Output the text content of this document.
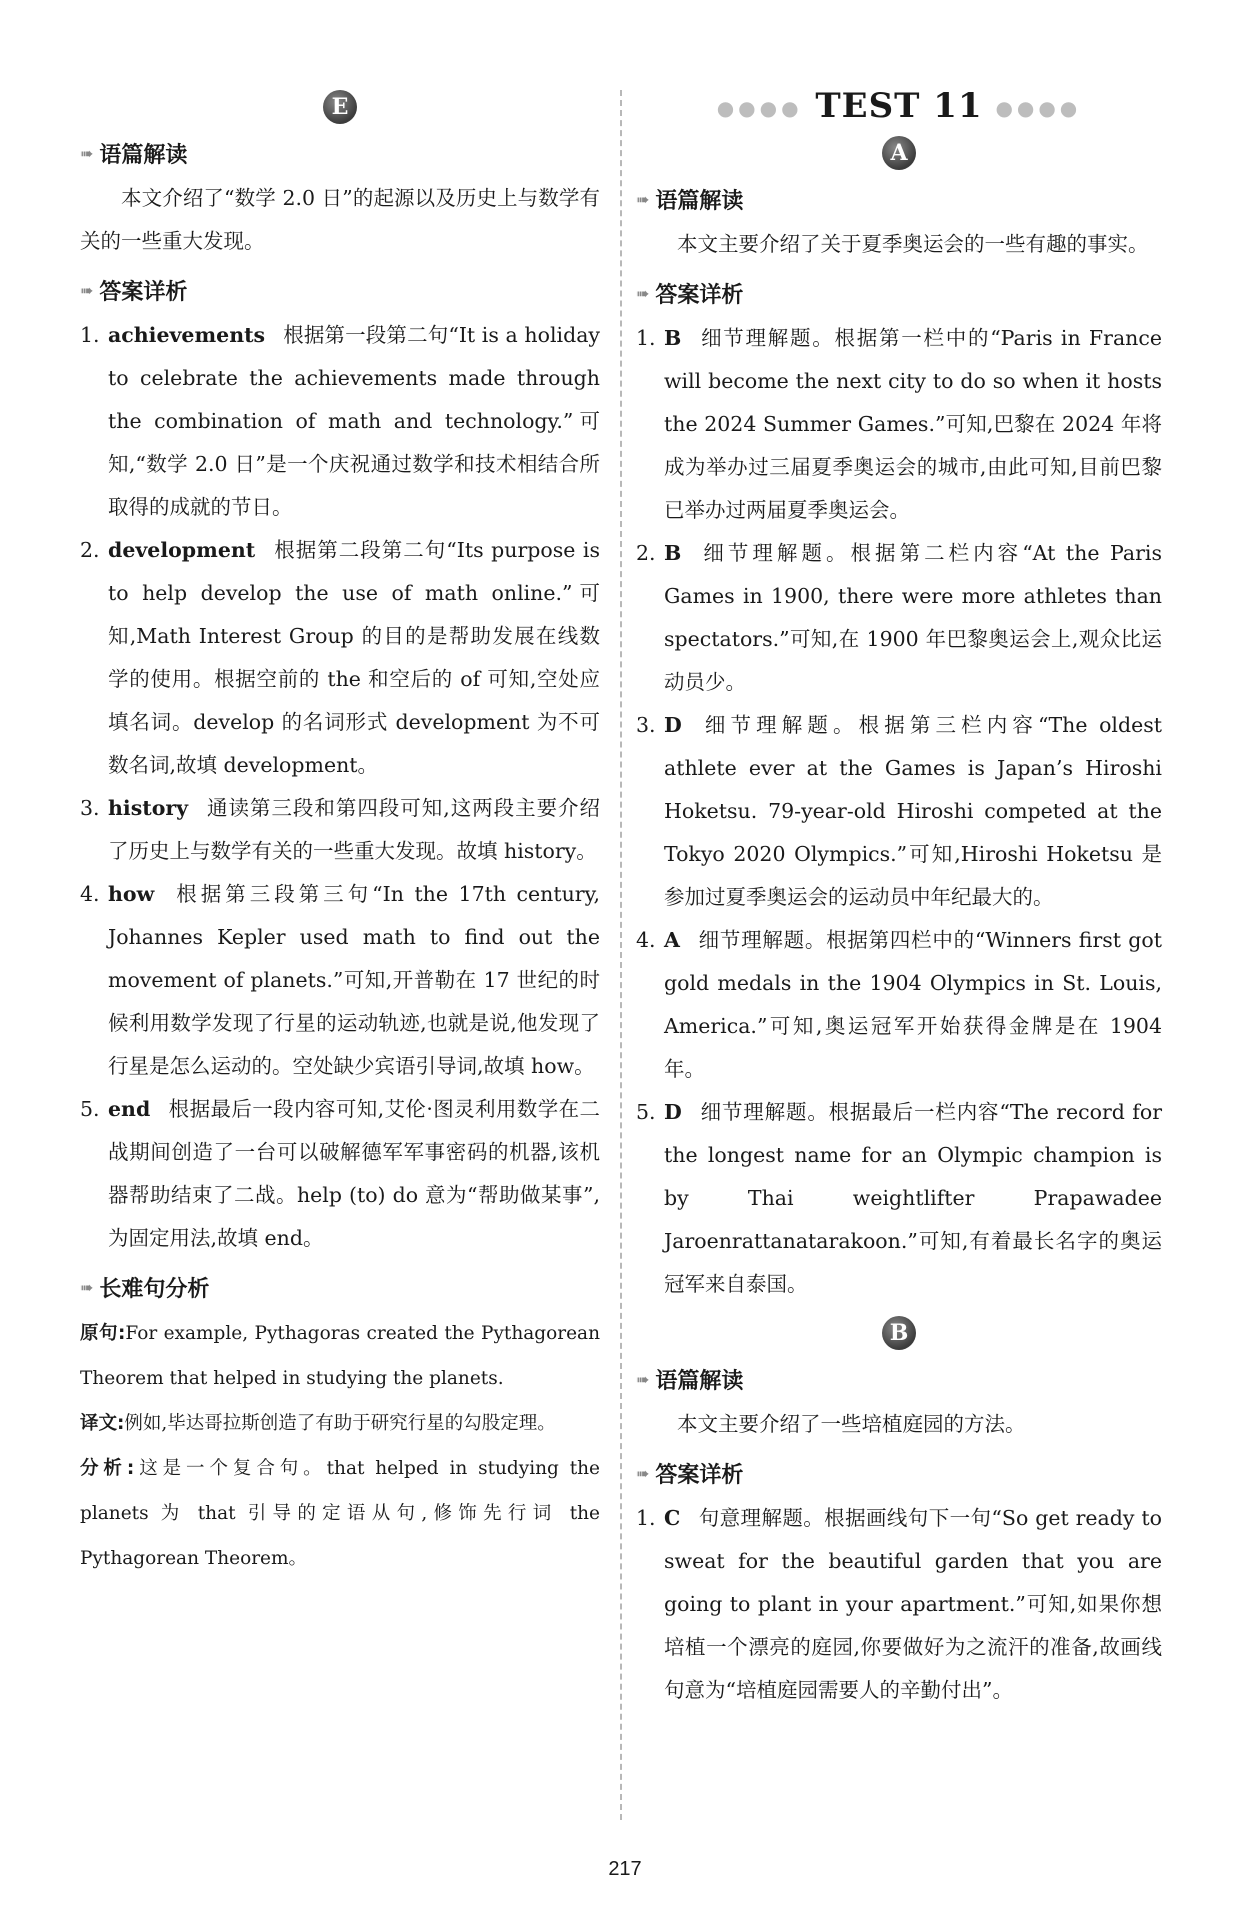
E
➠ 语篇解读

本文介绍了“数学 2.0 日”的起源以及历史上与数学有关的一些重大发现。

➠ 答案详析
1. achievements 根据第一段第二句“It is a holiday to celebrate the achievements made through the combination of math and technology.”可知,“数学 2.0 日”是一个庆祝通过数学和技术相结合所取得的成就的节日。
2. development 根据第二段第二句“Its purpose is to help develop the use of math online.”可知,Math Interest Group 的目的是帮助发展在线数学的使用。根据空前的 the 和空后的 of 可知,空处应填名词。develop 的名词形式 development 为不可数名词,故填 development。
3. history 通读第三段和第四段可知,这两段主要介绍了历史上与数学有关的一些重大发现。故填 history。
4. how 根据第三段第三句“In the 17th century, Johannes Kepler used math to find out the movement of planets.”可知,开普勒在 17 世纪的时候利用数学发现了行星的运动轨迹,也就是说,他发现了行星是怎么运动的。空处缺少宾语引导词,故填 how。
5. end 根据最后一段内容可知,艾伦·图灵利用数学在二战期间创造了一台可以破解德军军事密码的机器,该机器帮助结束了二战。help (to) do 意为“帮助做某事”,为固定用法,故填 end。
➠ 长难句分析

原句:For example, Pythagoras created the Pythagorean Theorem that helped in studying the planets.

译文:例如,毕达哥拉斯创造了有助于研究行星的勾股定理。

分析:这是一个复合句。that helped in studying the planets 为 that 引导的定语从句,修饰先行词 the Pythagorean Theorem。

●●●● TEST 11 ●●●●
A
➠ 语篇解读

本文主要介绍了关于夏季奥运会的一些有趣的事实。

➠ 答案详析
1. B 细节理解题。根据第一栏中的“Paris in France will become the next city to do so when it hosts the 2024 Summer Games.”可知,巴黎在 2024 年将成为举办过三届夏季奥运会的城市,由此可知,目前巴黎已举办过两届夏季奥运会。
2. B 细节理解题。根据第二栏内容“At the Paris Games in 1900, there were more athletes than spectators.”可知,在 1900 年巴黎奥运会上,观众比运动员少。
3. D 细节理解题。根据第三栏内容“The oldest athlete ever at the Games is Japan’s Hiroshi Hoketsu. 79-year-old Hiroshi competed at the Tokyo 2020 Olympics.”可知,Hiroshi Hoketsu 是参加过夏季奥运会的运动员中年纪最大的。
4. A 细节理解题。根据第四栏中的“Winners first got gold medals in the 1904 Olympics in St. Louis, America.”可知,奥运冠军开始获得金牌是在 1904 年。
5. D 细节理解题。根据最后一栏内容“The record for the longest name for an Olympic champion is by Thai weightlifter Prapawadee Jaroenrattanatarakoon.”可知,有着最长名字的奥运冠军来自泰国。
B
➠ 语篇解读

本文主要介绍了一些培植庭园的方法。

➠ 答案详析
1. C 句意理解题。根据画线句下一句“So get ready to sweat for the beautiful garden that you are going to plant in your apartment.”可知,如果你想培植一个漂亮的庭园,你要做好为之流汗的准备,故画线句意为“培植庭园需要人的辛勤付出”。
217
